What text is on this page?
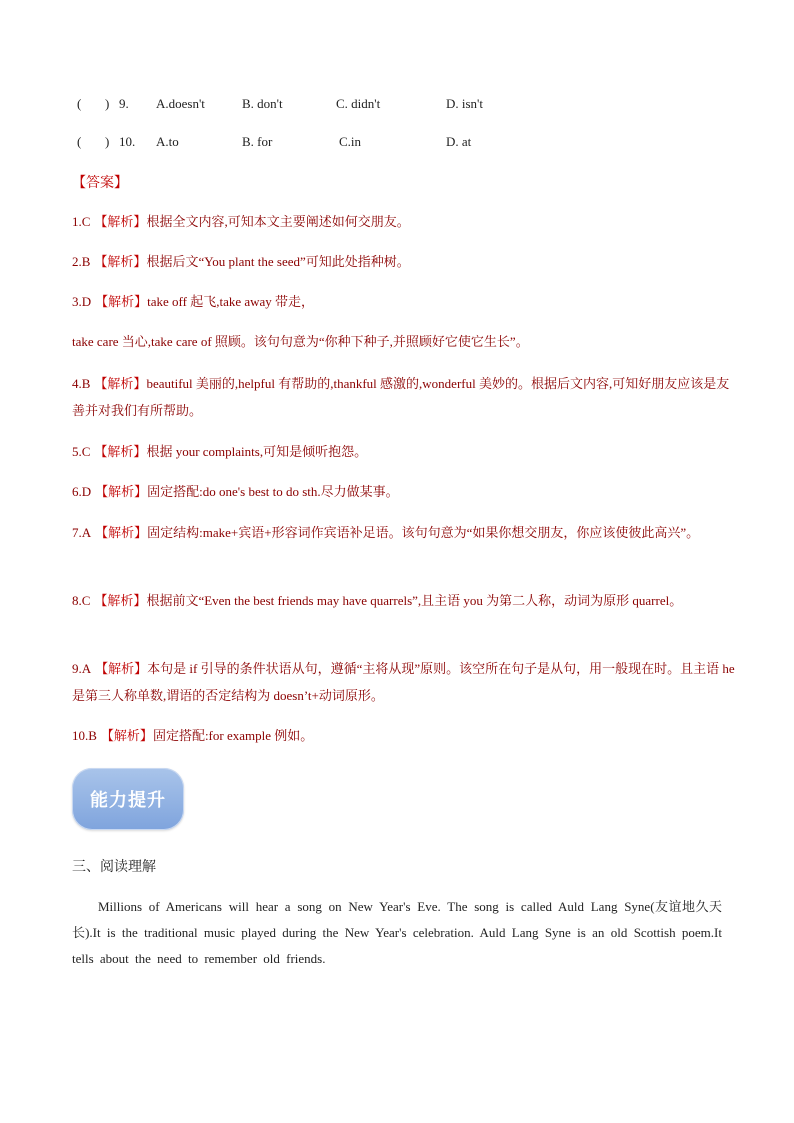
( ) 9. A.doesn't	B. don't	C. didn't	D. isn't
( ) 10. A.to	B. for	C.in	D. at
【答案】
1.C 【解析】根据全文内容,可知本文主要阐述如何交朋友。
2.B 【解析】根据后文“You plant the seed”可知此处指种树。
3.D 【解析】take off 起飞,take away 带走，
take care 当心,take care of 照顾。该句句意为“你种下种子,并照顾好它使它生长”。
4.B 【解析】beautiful 美丽的,helpful 有帮助的,thankful 感激的,wonderful 美妙的。根据后文内容,可知好朋友应该是友善并对我们有所帮助。
5.C 【解析】根据 your complaints,可知是倾听抱怨。
6.D 【解析】固定搭配:do one's best to do sth.尽力做某事。
7.A 【解析】固定结构:make+宾语+形容词作宾语补足语。该句句意为“如果你想交朋友，你应该使彼此高兴”。
8.C 【解析】根据前文“Even the best friends may have quarrels”,且主语 you 为第二人称，动词为原形 quarrel。
9.A 【解析】本句是 if 引导的条件状语从句，遵循“主将从现”原则。该空所在句子是从句，用一般现在时。且主语 he 是第三人称单数,谓语的否定结构为 doesn’t+动词原形。
10.B 【解析】固定搭配:for example 例如。
能力提升
三、阅读理解
Millions of Americans will hear a song on New Year's Eve. The song is called Auld Lang Syne(友谊地久天长).It is the traditional music played during the New Year's celebration. Auld Lang Syne is an old Scottish poem.It tells about the need to remember old friends.
